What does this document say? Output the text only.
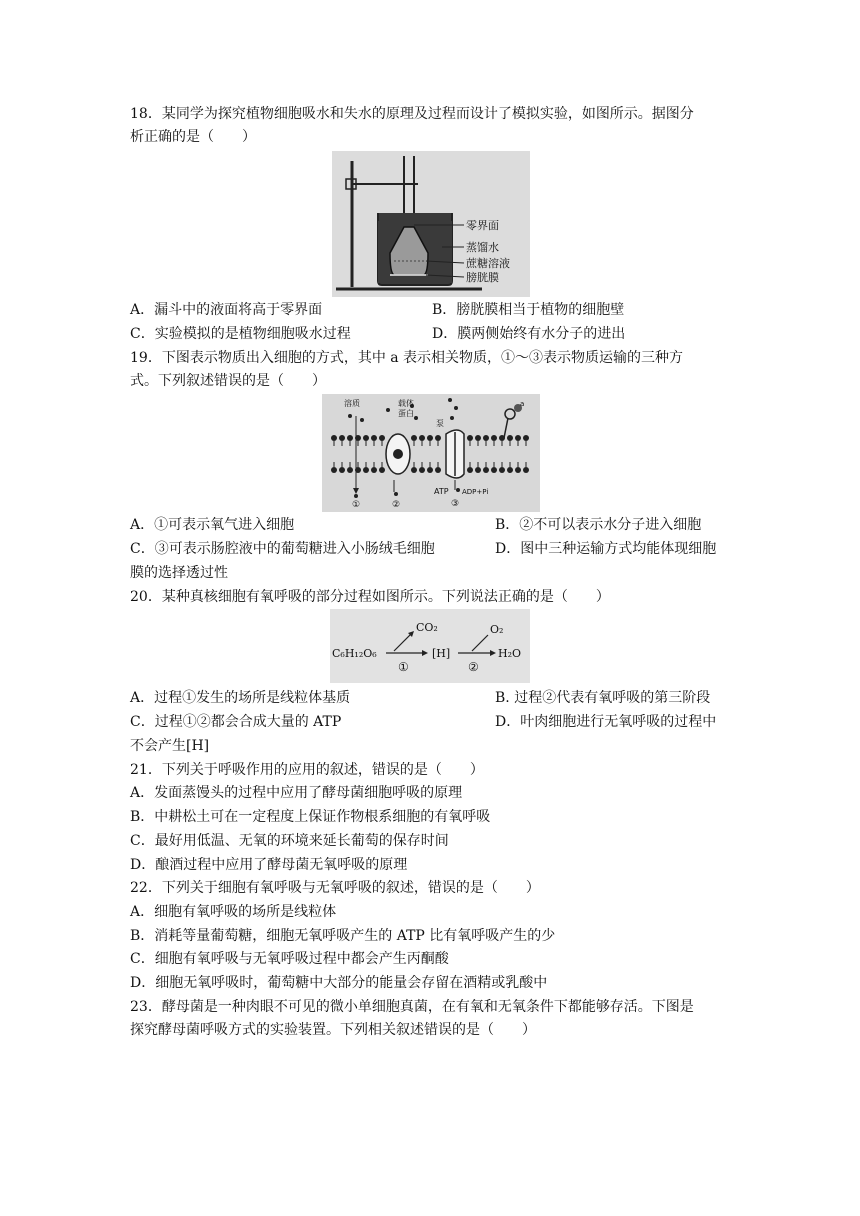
18．某同学为探究植物细胞吸水和失水的原理及过程而设计了模拟实验，如图所示。据图分
析正确的是（　　）
零界面
蒸馏水
蔗糖溶液
膀胱膜
A．漏斗中的液面将高于零界面	B．膀胱膜相当于植物的细胞壁
C．实验模拟的是植物细胞吸水过程	D．膜两侧始终有水分子的进出
19．下图表示物质出入细胞的方式，其中 a 表示相关物质，①～③表示物质运输的三种方
式。下列叙述错误的是（　　）
a
溶质	载体
蛋白
泵
ATP ADP+Pi
①	②	③
A．①可表示氧气进入细胞	B．②不可以表示水分子进入细胞
C．③可表示肠腔液中的葡萄糖进入小肠绒毛细胞	D．图中三种运输方式均能体现细胞
膜的选择透过性
20．某种真核细胞有氧呼吸的部分过程如图所示。下列说法正确的是（　　）
C₆H₁₂O₆
CO₂
①
[H]
O₂
②
H₂O
A．过程①发生的场所是线粒体基质	B. 过程②代表有氧呼吸的第三阶段
C．过程①②都会合成大量的 ATP	D．叶肉细胞进行无氧呼吸的过程中
不会产生[H]
21．下列关于呼吸作用的应用的叙述，错误的是（　　）
A．发面蒸馒头的过程中应用了酵母菌细胞呼吸的原理
B．中耕松土可在一定程度上保证作物根系细胞的有氧呼吸
C．最好用低温、无氧的环境来延长葡萄的保存时间
D．酿酒过程中应用了酵母菌无氧呼吸的原理
22．下列关于细胞有氧呼吸与无氧呼吸的叙述，错误的是（　　）
A．细胞有氧呼吸的场所是线粒体
B．消耗等量葡萄糖，细胞无氧呼吸产生的 ATP 比有氧呼吸产生的少
C．细胞有氧呼吸与无氧呼吸过程中都会产生丙酮酸
D．细胞无氧呼吸时，葡萄糖中大部分的能量会存留在酒精或乳酸中
23．酵母菌是一种肉眼不可见的微小单细胞真菌，在有氧和无氧条件下都能够存活。下图是
探究酵母菌呼吸方式的实验装置。下列相关叙述错误的是（　　）
